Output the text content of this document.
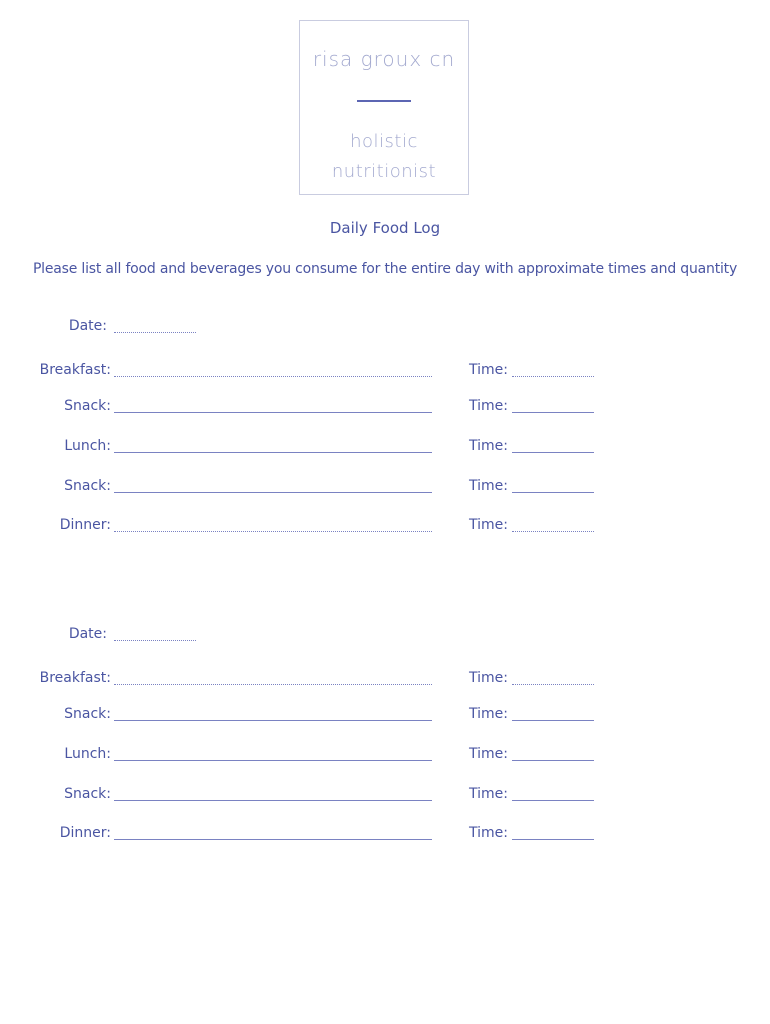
risa groux cn
holistic
nutritionist
Daily Food Log
Please list all food and beverages you consume for the entire day with approximate times and quantity
Date:
Breakfast:	Time:
Snack:	Time:
Lunch:	Time:
Snack:	Time:
Dinner:	Time:
Date:
Breakfast:	Time:
Snack:	Time:
Lunch:	Time:
Snack:	Time:
Dinner:	Time:
